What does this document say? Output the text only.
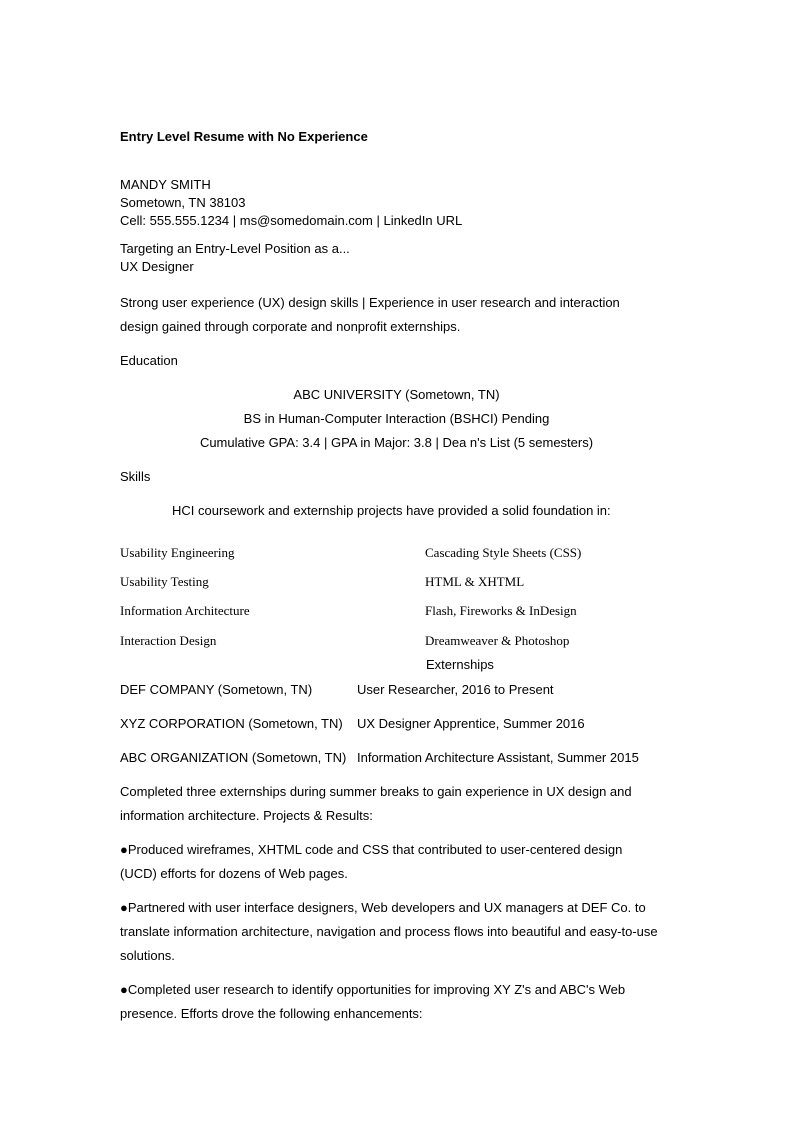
Entry Level Resume with No Experience
MANDY SMITH
Sometown, TN 38103
Cell: 555.555.1234 | ms@somedomain.com | LinkedIn URL
Targeting an Entry-Level Position as a...
UX Designer
Strong user experience (UX) design skills | Experience in user research and interaction
design gained through corporate and nonprofit externships.
Education
ABC UNIVERSITY (Sometown, TN)
BS in Human-Computer Interaction (BSHCI) Pending
Cumulative GPA: 3.4 | GPA in Major: 3.8 | Dea n's List (5 semesters)
Skills
HCI coursework and externship projects have provided a solid foundation in:
Usability Engineering
Usability Testing
Information Architecture
Interaction Design
Cascading Style Sheets (CSS)
HTML & XHTML
Flash, Fireworks & InDesign
Dreamweaver & Photoshop
Externships
DEF COMPANY (Sometown, TN)	User Researcher, 2016 to Present
XYZ CORPORATION (Sometown, TN) UX Designer Apprentice, Summer 2016
ABC ORGANIZATION (Sometown, TN) Information Architecture Assistant, Summer 2015
Completed three externships during summer breaks to gain experience in UX design and
information architecture. Projects & Results:
●Produced wireframes, XHTML code and CSS that contributed to user-centered design
(UCD) efforts for dozens of Web pages.
●Partnered with user interface designers, Web developers and UX managers at DEF Co. to
translate information architecture, navigation and process flows into beautiful and easy-to-use
solutions.
●Completed user research to identify opportunities for improving XY Z's and ABC's Web
presence. Efforts drove the following enhancements:
